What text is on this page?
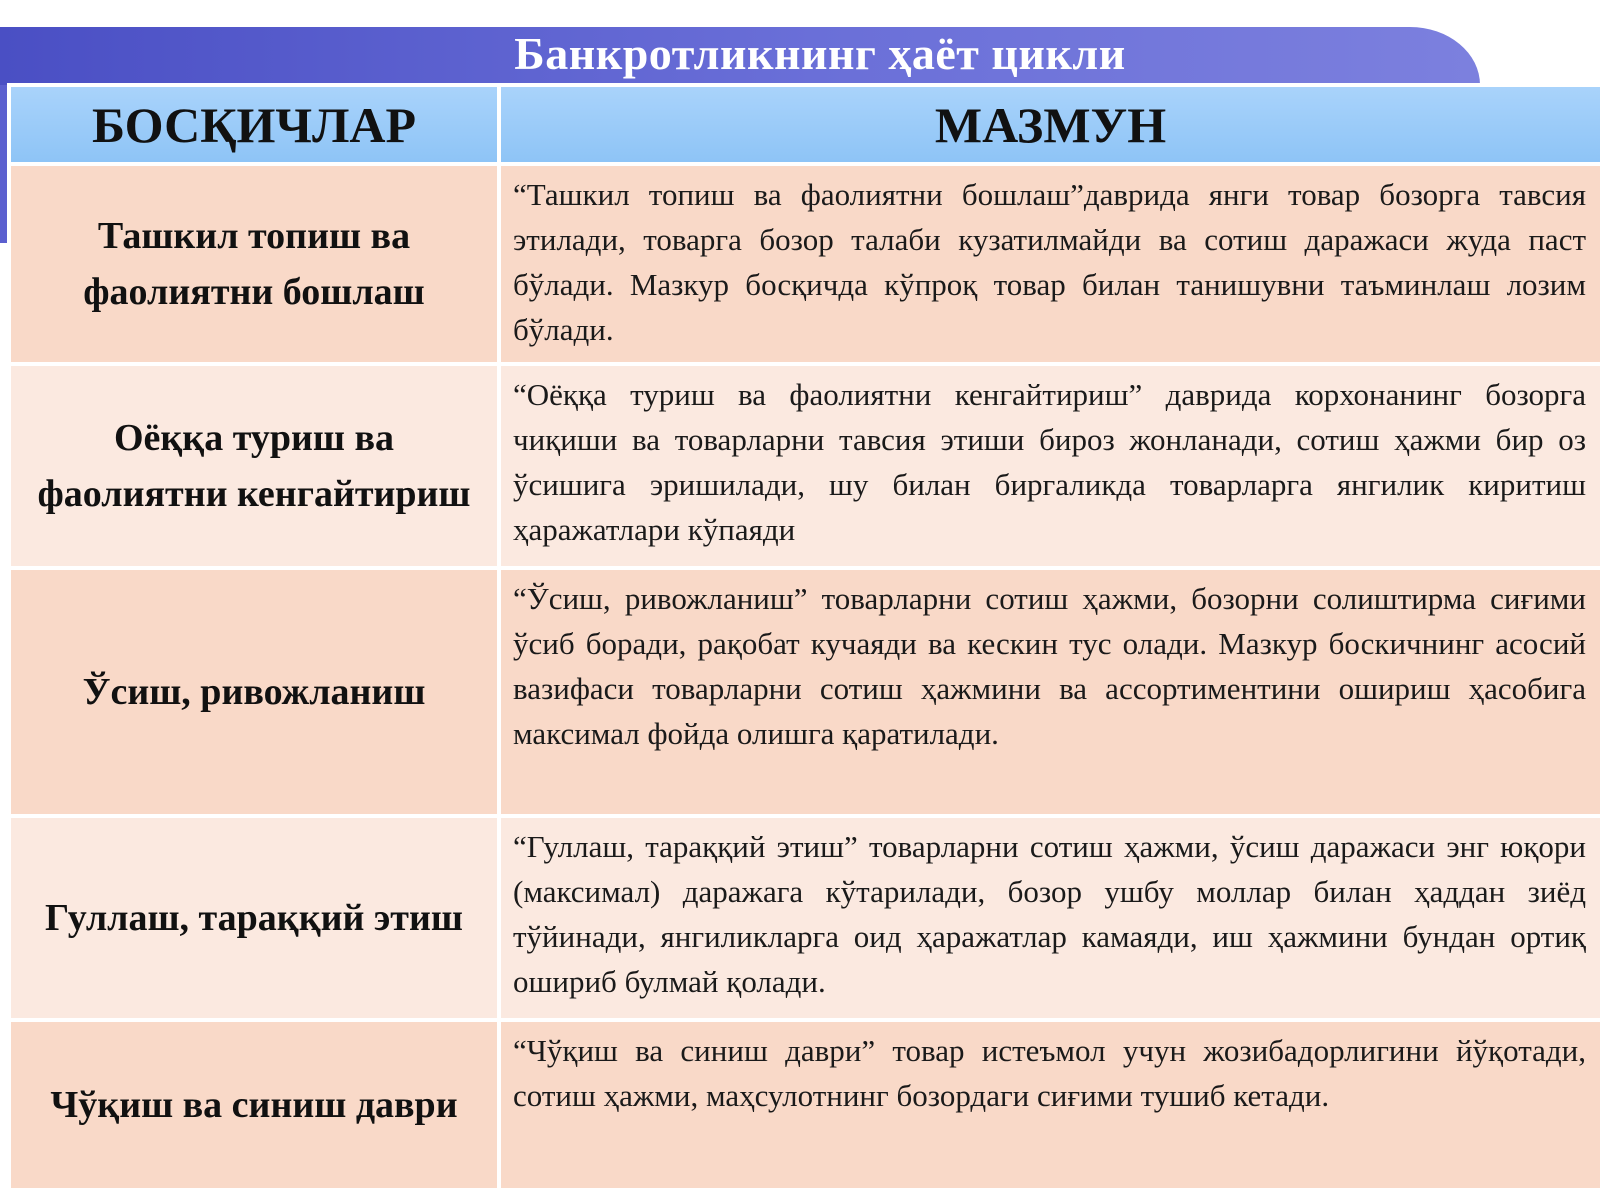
Банкротликнинг ҳаёт цикли
БОСҚИЧЛАР	МАЗМУН
Ташкил топиш ва фаолиятни бошлаш	“Ташкил топиш ва фаолиятни бошлаш”даврида янги товар бозорга тавсия этилади, товарга бозор талаби кузатилмайди ва сотиш даражаси жуда паст бўлади. Мазкур босқичда кўпроқ товар билан танишувни таъминлаш лозим бўлади.

Оёққа туриш ва фаолиятни кенгайтириш	“Оёққа туриш ва фаолиятни кенгайтириш” даврида корхонанинг бозорга чиқиши ва товарларни тавсия этиши бироз жонланади, сотиш ҳажми бир оз ўсишига эришилади, шу билан биргаликда товарларга янгилик киритиш ҳаражатлари кўпаяди

Ўсиш, ривожланиш	“Ўсиш, ривожланиш” товарларни сотиш ҳажми, бозорни солиштирма сиғими ўсиб боради, рақобат кучаяди ва кескин тус олади. Мазкур боскичнинг асосий вазифаси товарларни сотиш ҳажмини ва ассортиментини ошириш ҳасобига максимал фойда олишга қаратилади.

Гуллаш, тараққий этиш	“Гуллаш, тараққий этиш” товарларни сотиш ҳажми, ўсиш даражаси энг юқори (максимал) даражага кўтарилади, бозор ушбу моллар билан ҳаддан зиёд тўйинади, янгиликларга оид ҳаражатлар камаяди, иш ҳажмини бундан ортиқ ошириб булмай қолади.

Чўқиш ва синиш даври	“Чўқиш ва синиш даври” товар истеъмол учун жозибадорлигини йўқотади, сотиш ҳажми, маҳсулотнинг бозордаги сиғими тушиб кетади.
